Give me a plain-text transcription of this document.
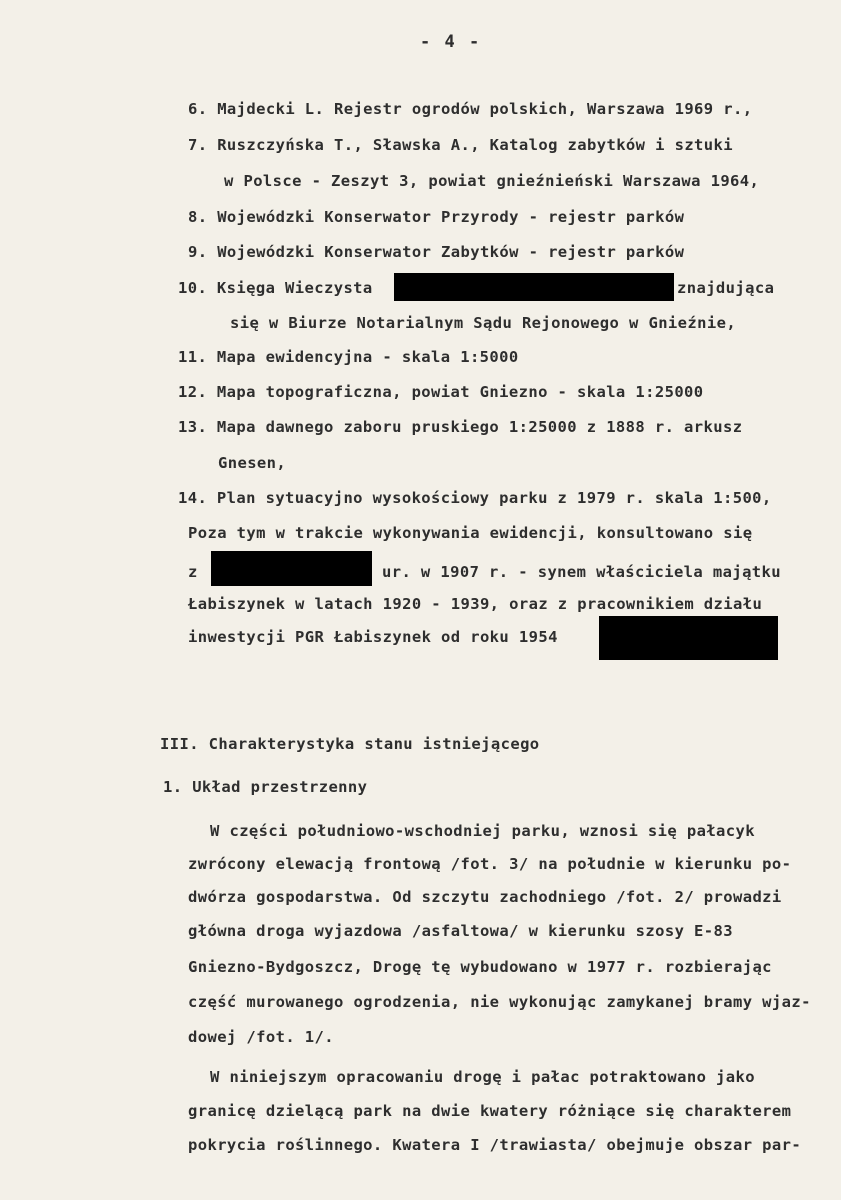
- 4 -
6. Majdecki L. Rejestr ogrodów polskich, Warszawa 1969 r.,
7. Ruszczyńska T., Sławska A., Katalog zabytków i sztuki
w Polsce - Zeszyt 3, powiat gnieźnieński Warszawa 1964,
8. Wojewódzki Konserwator Przyrody - rejestr parków
9. Wojewódzki Konserwator Zabytków - rejestr parków
10. Księga Wieczysta	znajdująca
się w Biurze Notarialnym Sądu Rejonowego w Gnieźnie,
11. Mapa ewidencyjna - skala 1:5000
12. Mapa topograficzna, powiat Gniezno - skala 1:25000
13. Mapa dawnego zaboru pruskiego 1:25000 z 1888 r. arkusz
Gnesen,
14. Plan sytuacyjno wysokościowy parku z 1979 r. skala 1:500,
Poza tym w trakcie wykonywania ewidencji, konsultowano się
z	ur. w 1907 r. - synem właściciela majątku
Łabiszynek w latach 1920 - 1939, oraz z pracownikiem działu
inwestycji PGR Łabiszynek od roku 1954
III. Charakterystyka stanu istniejącego
1. Układ przestrzenny
W części południowo-wschodniej parku, wznosi się pałacyk
zwrócony elewacją frontową /fot. 3/ na południe w kierunku po-
dwórza gospodarstwa. Od szczytu zachodniego /fot. 2/ prowadzi
główna droga wyjazdowa /asfaltowa/ w kierunku szosy E-83
Gniezno-Bydgoszcz, Drogę tę wybudowano w 1977 r. rozbierając
część murowanego ogrodzenia, nie wykonując zamykanej bramy wjaz-
dowej /fot. 1/.
W niniejszym opracowaniu drogę i pałac potraktowano jako
granicę dzielącą park na dwie kwatery różniące się charakterem
pokrycia roślinnego. Kwatera I /trawiasta/ obejmuje obszar par-
